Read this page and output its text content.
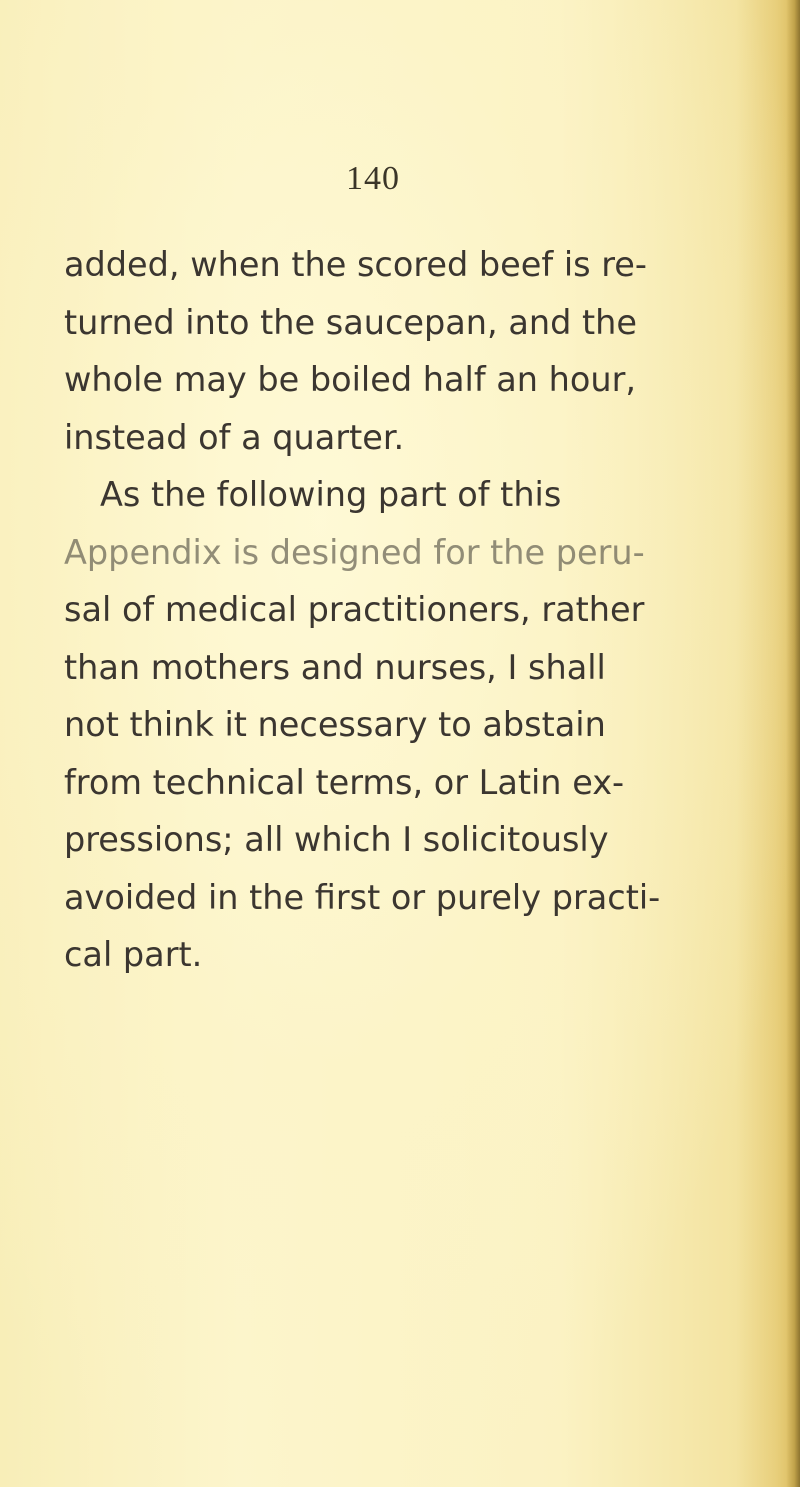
140
added, when the scored beef is re-
turned into the saucepan, and the
whole may be boiled half an hour,
instead of a quarter.
As the following part of this
Appendix is designed for the peru-
sal of medical practitioners, rather
than mothers and nurses, I shall
not think it necessary to abstain
from technical terms, or Latin ex-
pressions; all which I solicitously
avoided in the first or purely practi-
cal part.
